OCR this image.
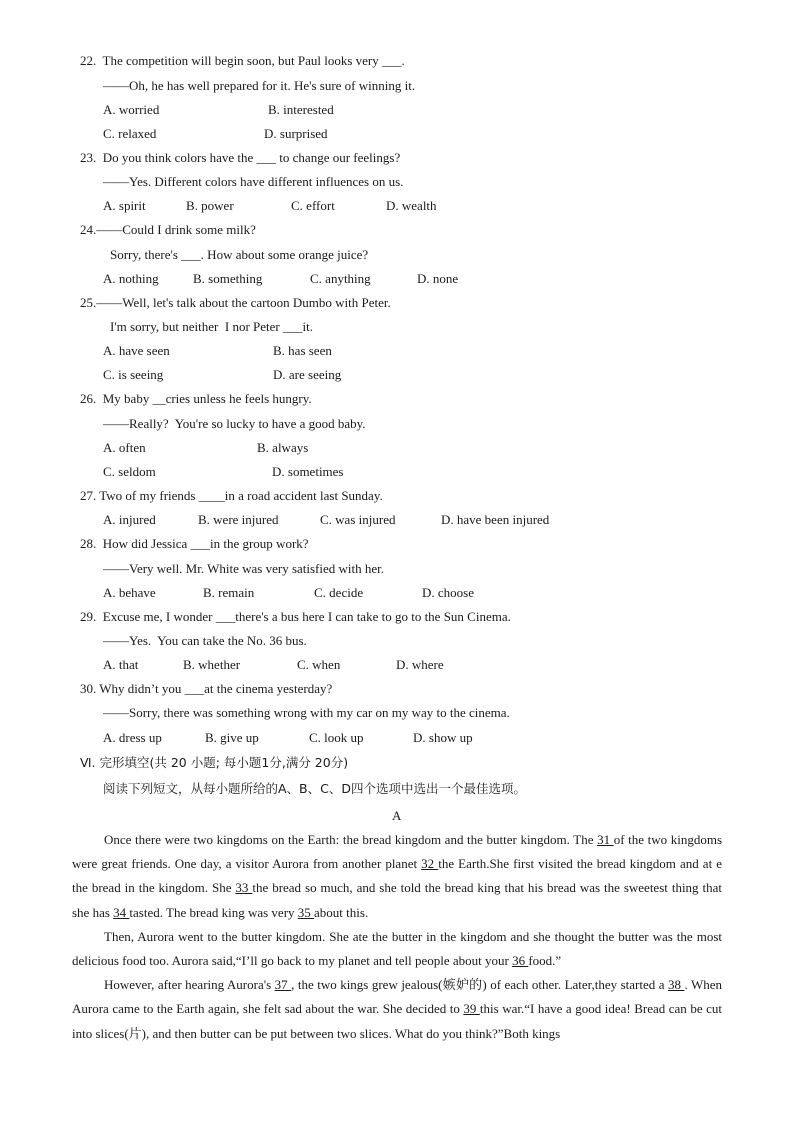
22.  The competition will begin soon, but Paul looks very ___.
——Oh, he has well prepared for it. He's sure of winning it.
A. worried	B. interested
C. relaxed	D. surprised
23.  Do you think colors have the ___ to change our feelings?
——Yes. Different colors have different influences on us.
A. spirit	B. power	C. effort	D. wealth
24.——Could I drink some milk?
Sorry, there's ___. How about some orange juice?
A. nothing	B. something	C. anything	D. none
25.——Well, let's talk about the cartoon Dumbo with Peter.
I'm sorry, but neither  I nor Peter ___it.
A. have seen	B. has seen
C. is seeing	D. are seeing
26.  My baby __cries unless he feels hungry.
——Really?  You're so lucky to have a good baby.
A. often	B. always
C. seldom	D. sometimes
27. Two of my friends ____in a road accident last Sunday.
A. injured	B. were injured	C. was injured	D. have been injured
28.  How did Jessica ___in the group work?
——Very well. Mr. White was very satisfied with her.
A. behave	B. remain	C. decide	D. choose
29.  Excuse me, I wonder ___there's a bus here I can take to go to the Sun Cinema.
——Yes.  You can take the No. 36 bus.
A. that	B. whether	C. when	D. where
30. Why didn’t you ___at the cinema yesterday?
——Sorry, there was something wrong with my car on my way to the cinema.
A. dress up	B. give up	C. look up	D. show up
Ⅵ. 完形填空(共 20 小题; 每小题1分,满分 20分)
阅读下列短文，从每小题所给的A、B、C、D四个选项中选出一个最佳选项。
A

Once there were two kingdoms on the Earth: the bread kingdom and the butter kingdom. The 31 of the two kingdoms were great friends. One day, a visitor Aurora from another planet 32 the Earth.She first visited the bread kingdom and at e the bread in the kingdom. She 33 the bread so much, and she told the bread king that his bread was the sweetest thing that she has 34 tasted. The bread king was very 35 about this.

Then, Aurora went to the butter kingdom. She ate the butter in the kingdom and she thought the butter was the most delicious food too. Aurora said,“I’ll go back to my planet and tell people about your 36 food.”

However, after hearing Aurora's 37 , the two kings grew jealous(嫉妒的) of each other. Later,they started a 38 . When Aurora came to the Earth again, she felt sad about the war. She decided to 39 this war.“I have a good idea! Bread can be cut into slices(片), and then butter can be put between two slices. What do you think?”Both kings
